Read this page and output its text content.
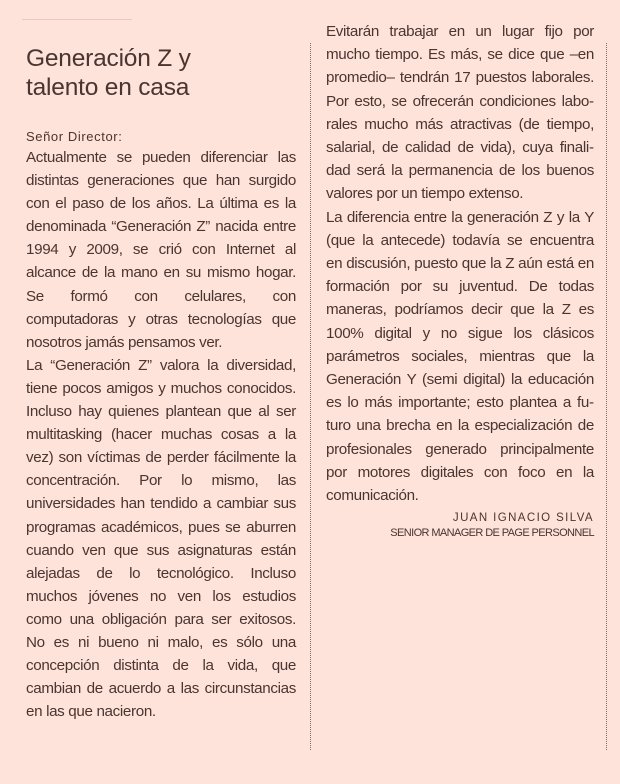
Generación Z y
talento en casa
Señor Director:

Actualmente se pueden diferenciar las distintas generaciones que han surgido con el paso de los años. La última es la denominada “Generación Z” nacida entre 1994 y 2009, se crió con Internet al alcance de la mano en su mismo hogar. Se formó con celulares, con computadoras y otras tecnologías que nosotros jamás pensamos ver.

La “Generación Z” valora la diversidad, tiene pocos amigos y muchos conocidos. Incluso hay quienes plantean que al ser multitasking (hacer muchas cosas a la vez) son víctimas de perder fácilmente la concentración. Por lo mismo, las universidades han tendido a cambiar sus programas académicos, pues se aburren cuando ven que sus asignaturas están alejadas de lo tecnológico. Incluso muchos jóvenes no ven los estudios como una obligación para ser exitosos. No es ni bueno ni malo, es sólo una concepción distinta de la vida, que cambian de acuerdo a las circunstancias en las que nacieron.

Evitarán trabajar en un lugar fijo por mucho tiempo. Es más, se dice que –en promedio– tendrán 17 puestos laborales. Por esto, se ofrecerán condiciones laborales mucho más atractivas (de tiempo, salarial, de calidad de vida), cuya finalidad será la permanencia de los buenos valores por un tiempo extenso.

La diferencia entre la generación Z y la Y (que la antecede) todavía se encuentra en discusión, puesto que la Z aún está en formación por su juventud. De todas maneras, podríamos decir que la Z es 100% digital y no sigue los clásicos parámetros sociales, mientras que la Generación Y (semi digital) la educación es lo más importante; esto plantea a futuro una brecha en la especialización de profesionales generado principalmente por motores digitales con foco en la comunicación.

JUAN IGNACIO SILVA
SENIOR MANAGER DE PAGE PERSONNEL
